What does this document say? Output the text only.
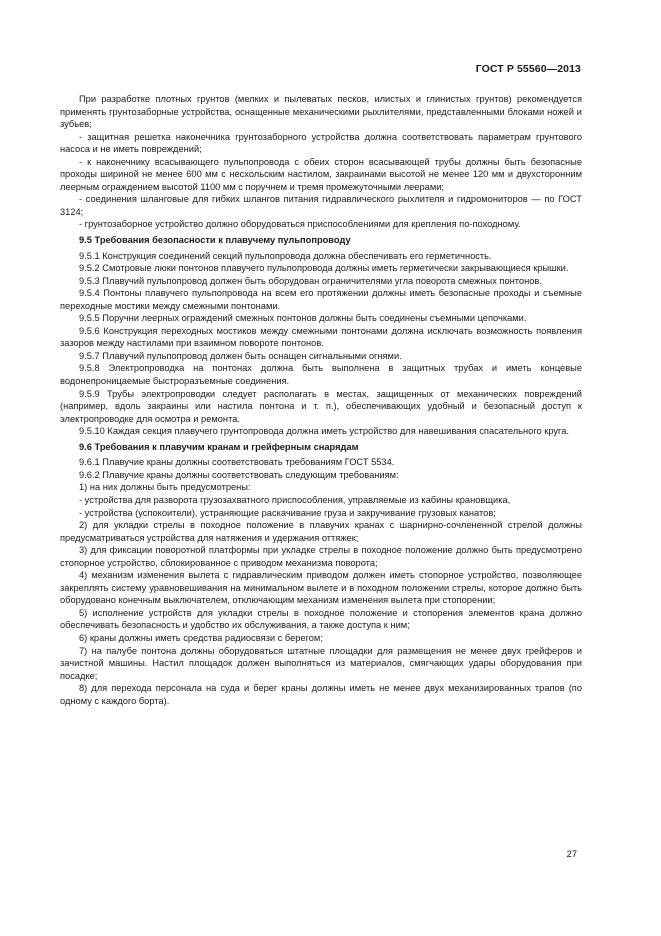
ГОСТ Р 55560—2013

При разработке плотных грунтов (мелких и пылеватых песков, илистых и глинистых грунтов) рекомендуется применять грунтозаборные устройства, оснащенные механическими рыхлителями, представленными блоками ножей и зубьев;

- защитная решетка наконечника грунтозаборного устройства должна соответствовать параметрам грунтового насоса и не иметь повреждений;

- к наконечнику всасывающего пульпопровода с обеих сторон всасывающей трубы должны быть безопасные проходы шириной не менее 600 мм с несхольским настилом, закраинами высотой не менее 120 мм и двухсторонним леерным ограждением высотой 1100 мм с поручнем и тремя промежуточными леерами;

- соединения шланговые для гибких шлангов питания гидравлического рыхлителя и гидромониторов — по ГОСТ 3124;

- грунтозаборное устройство должно оборудоваться приспособлениями для крепления по-походному.

9.5 Требования безопасности к плавучему пульпопроводу

9.5.1 Конструкция соединений секций пульпопровода должна обеспечивать его герметичность.

9.5.2 Смотровые люки понтонов плавучего пульпопровода должны иметь герметически закрывающиеся крышки.

9.5.3 Плавучий пульпопровод должен быть оборудован ограничителями угла поворота смежных понтонов.

9.5.4 Понтоны плавучего пульпопровода на всем его протяжении должны иметь безопасные проходы и съемные переходные мостики между смежными понтонами.

9.5.5 Поручни леерных ограждений смежных понтонов должны быть соединены съемными цепочками.

9.5.6 Конструкция переходных мостиков между смежными понтонами должна исключать возможность появления зазоров между настилами при взаимном повороте понтонов.

9.5.7 Плавучий пульпопровод должен быть оснащен сигнальными огнями.

9.5.8 Электропроводка на понтонах должна быть выполнена в защитных трубах и иметь концевые водонепроницаемые быстроразъемные соединения.

9.5.9 Трубы электропроводки следует располагать в местах, защищенных от механических повреждений (например, вдоль закраины или настила понтона и т. п.), обеспечивающих удобный и безопасный доступ к электропроводке для осмотра и ремонта.

9.5.10 Каждая секция плавучего грунтопровода должна иметь устройство для навешивания спасательного круга.

9.6 Требования к плавучим кранам и грейферным снарядам

9.6.1 Плавучие краны должны соответствовать требованиям ГОСТ 5534.

9.6.2 Плавучие краны должны соответствовать следующим требованиям:

1) на них должны быть предусмотрены:

- устройства для разворота грузозахватного приспособления, управляемые из кабины крановщика,

- устройства (успокоители), устраняющие раскачивание груза и закручивание грузовых канатов;

2) для укладки стрелы в походное положение в плавучих кранах с шарнирно-сочлененной стрелой должны предусматриваться устройства для натяжения и удержания оттяжек;

3) для фиксации поворотной платформы при укладке стрелы в походное положение должно быть предусмотрено стопорное устройство, сблокированное с приводом механизма поворота;

4) механизм изменения вылета с гидравлическим приводом должен иметь стопорное устройство, позволяющее закреплять систему уравновешивания на минимальном вылете и в походном положении стрелы, которое должно быть оборудовано конечным выключателем, отключающим механизм изменения вылета при стопорении;

5) исполнение устройств для укладки стрелы в походное положение и стопорения элементов крана должно обеспечивать безопасность и удобство их обслуживания, а также доступа к ним;

6) краны должны иметь средства радиосвязи с берегом;

7) на палубе понтона должны оборудоваться штатные площадки для размещения не менее двух грейферов и зачистной машины. Настил площадок должен выполняться из материалов, смягчающих удары оборудования при посадке;

8) для перехода персонала на суда и берег краны должны иметь не менее двух механизированных трапов (по одному с каждого борта).

27
